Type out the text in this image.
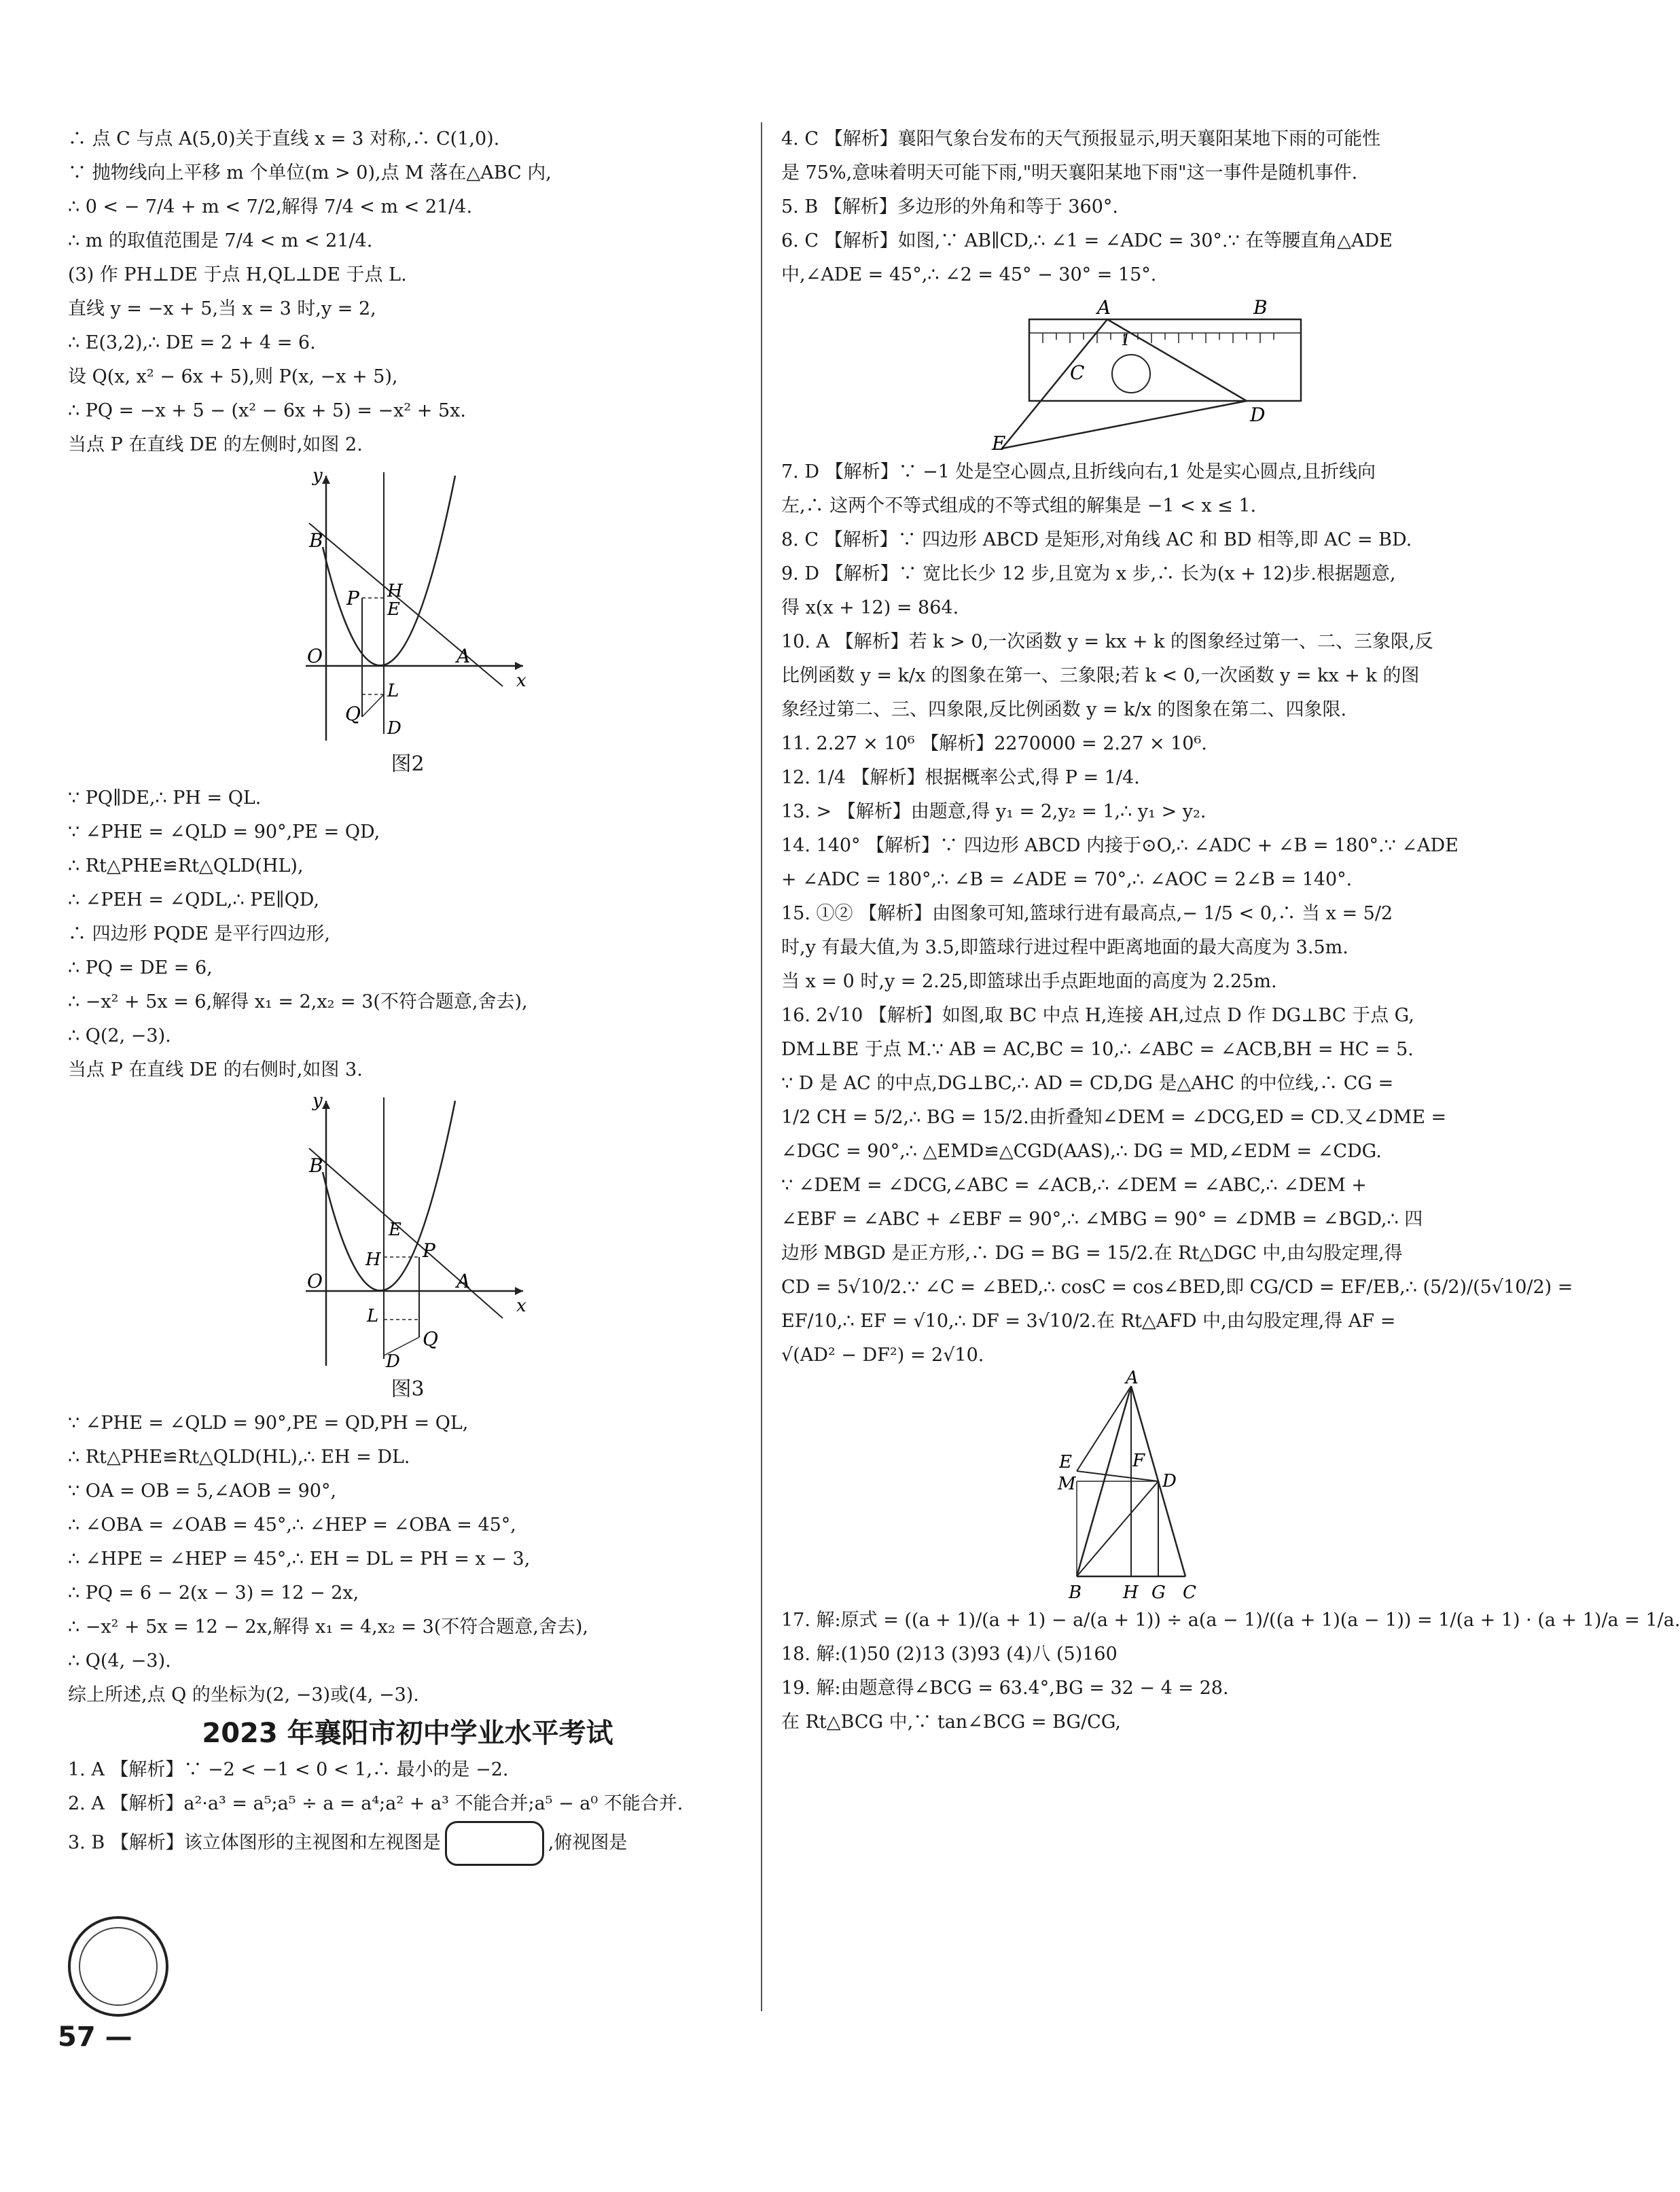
∴ 点 C 与点 A(5,0)关于直线 x = 3 对称,∴ C(1,0).
∵ 抛物线向上平移 m 个单位(m > 0),点 M 落在△ABC 内,
∴ 0 < − 7/4 + m < 7/2,解得 7/4 < m < 21/4.
∴ m 的取值范围是 7/4 < m < 21/4.
(3) 作 PH⊥DE 于点 H,QL⊥DE 于点 L.
直线 y = −x + 5,当 x = 3 时,y = 2,
∴ E(3,2),∴ DE = 2 + 4 = 6.
设 Q(x, x² − 6x + 5),则 P(x, −x + 5),
∴ PQ = −x + 5 − (x² − 6x + 5) = −x² + 5x.
当点 P 在直线 DE 的左侧时,如图 2.
y
x
O
B
A
P H
E
L
Q
D
图2
∵ PQ∥DE,∴ PH = QL.
∵ ∠PHE = ∠QLD = 90°,PE = QD,
∴ Rt△PHE≌Rt△QLD(HL),
∴ ∠PEH = ∠QDL,∴ PE∥QD,
∴ 四边形 PQDE 是平行四边形,
∴ PQ = DE = 6,
∴ −x² + 5x = 6,解得 x₁ = 2,x₂ = 3(不符合题意,舍去),
∴ Q(2, −3).
当点 P 在直线 DE 的右侧时,如图 3.
y
x
O
B
A
P
H
E
L
Q
D
图3
∵ ∠PHE = ∠QLD = 90°,PE = QD,PH = QL,
∴ Rt△PHE≌Rt△QLD(HL),∴ EH = DL.
∵ OA = OB = 5,∠AOB = 90°,
∴ ∠OBA = ∠OAB = 45°,∴ ∠HEP = ∠OBA = 45°,
∴ ∠HPE = ∠HEP = 45°,∴ EH = DL = PH = x − 3,
∴ PQ = 6 − 2(x − 3) = 12 − 2x,
∴ −x² + 5x = 12 − 2x,解得 x₁ = 4,x₂ = 3(不符合题意,舍去),
∴ Q(4, −3).
综上所述,点 Q 的坐标为(2, −3)或(4, −3).
2023 年襄阳市初中学业水平考试
1. A 【解析】∵ −2 < −1 < 0 < 1,∴ 最小的是 −2.
2. A 【解析】a²·a³ = a⁵;a⁵ ÷ a = a⁴;a² + a³ 不能合并;a⁵ − a⁰ 不能合并.
3. B 【解析】该立体图形的主视图和左视图是	,俯视图是
57 —
4. C 【解析】襄阳气象台发布的天气预报显示,明天襄阳某地下雨的可能性
是 75%,意味着明天可能下雨,"明天襄阳某地下雨"这一事件是随机事件.
5. B 【解析】多边形的外角和等于 360°.
6. C 【解析】如图,∵ AB∥CD,∴ ∠1 = ∠ADC = 30°.∵ 在等腰直角△ADE
中,∠ADE = 45°,∴ ∠2 = 45° − 30° = 15°.
A	B
C
D
E
1
7. D 【解析】∵ −1 处是空心圆点,且折线向右,1 处是实心圆点,且折线向
左,∴ 这两个不等式组成的不等式组的解集是 −1 < x ≤ 1.
8. C 【解析】∵ 四边形 ABCD 是矩形,对角线 AC 和 BD 相等,即 AC = BD.
9. D 【解析】∵ 宽比长少 12 步,且宽为 x 步,∴ 长为(x + 12)步.根据题意,
得 x(x + 12) = 864.
10. A 【解析】若 k > 0,一次函数 y = kx + k 的图象经过第一、二、三象限,反
比例函数 y = k/x 的图象在第一、三象限;若 k < 0,一次函数 y = kx + k 的图
象经过第二、三、四象限,反比例函数 y = k/x 的图象在第二、四象限.
11. 2.27 × 10⁶ 【解析】2270000 = 2.27 × 10⁶.
12. 1/4 【解析】根据概率公式,得 P = 1/4.
13. > 【解析】由题意,得 y₁ = 2,y₂ = 1,∴ y₁ > y₂.
14. 140° 【解析】∵ 四边形 ABCD 内接于⊙O,∴ ∠ADC + ∠B = 180°.∵ ∠ADE
+ ∠ADC = 180°,∴ ∠B = ∠ADE = 70°,∴ ∠AOC = 2∠B = 140°.
15. ①② 【解析】由图象可知,篮球行进有最高点,− 1/5 < 0,∴ 当 x = 5/2
时,y 有最大值,为 3.5,即篮球行进过程中距离地面的最大高度为 3.5m.
当 x = 0 时,y = 2.25,即篮球出手点距地面的高度为 2.25m.
16. 2√10 【解析】如图,取 BC 中点 H,连接 AH,过点 D 作 DG⊥BC 于点 G,
DM⊥BE 于点 M.∵ AB = AC,BC = 10,∴ ∠ABC = ∠ACB,BH = HC = 5.
∵ D 是 AC 的中点,DG⊥BC,∴ AD = CD,DG 是△AHC 的中位线,∴ CG =
1/2 CH = 5/2,∴ BG = 15/2.由折叠知∠DEM = ∠DCG,ED = CD.又∠DME =
∠DGC = 90°,∴ △EMD≌△CGD(AAS),∴ DG = MD,∠EDM = ∠CDG.
∵ ∠DEM = ∠DCG,∠ABC = ∠ACB,∴ ∠DEM = ∠ABC,∴ ∠DEM +
∠EBF = ∠ABC + ∠EBF = 90°,∴ ∠MBG = 90° = ∠DMB = ∠BGD,∴ 四
边形 MBGD 是正方形,∴ DG = BG = 15/2.在 Rt△DGC 中,由勾股定理,得
CD = 5√10/2.∵ ∠C = ∠BED,∴ cosC = cos∠BED,即 CG/CD = EF/EB,∴ (5/2)/(5√10/2) =
EF/10,∴ EF = √10,∴ DF = 3√10/2.在 Rt△AFD 中,由勾股定理,得 AF =
√(AD² − DF²) = 2√10.
A
E	F
M	D
B H G C
17. 解:原式 = ((a + 1)/(a + 1) − a/(a + 1)) ÷ a(a − 1)/((a + 1)(a − 1)) = 1/(a + 1) · (a + 1)/a = 1/a.
18. 解:(1)50 (2)13 (3)93 (4)八 (5)160
19. 解:由题意得∠BCG = 63.4°,BG = 32 − 4 = 28.
在 Rt△BCG 中,∵ tan∠BCG = BG/CG,
